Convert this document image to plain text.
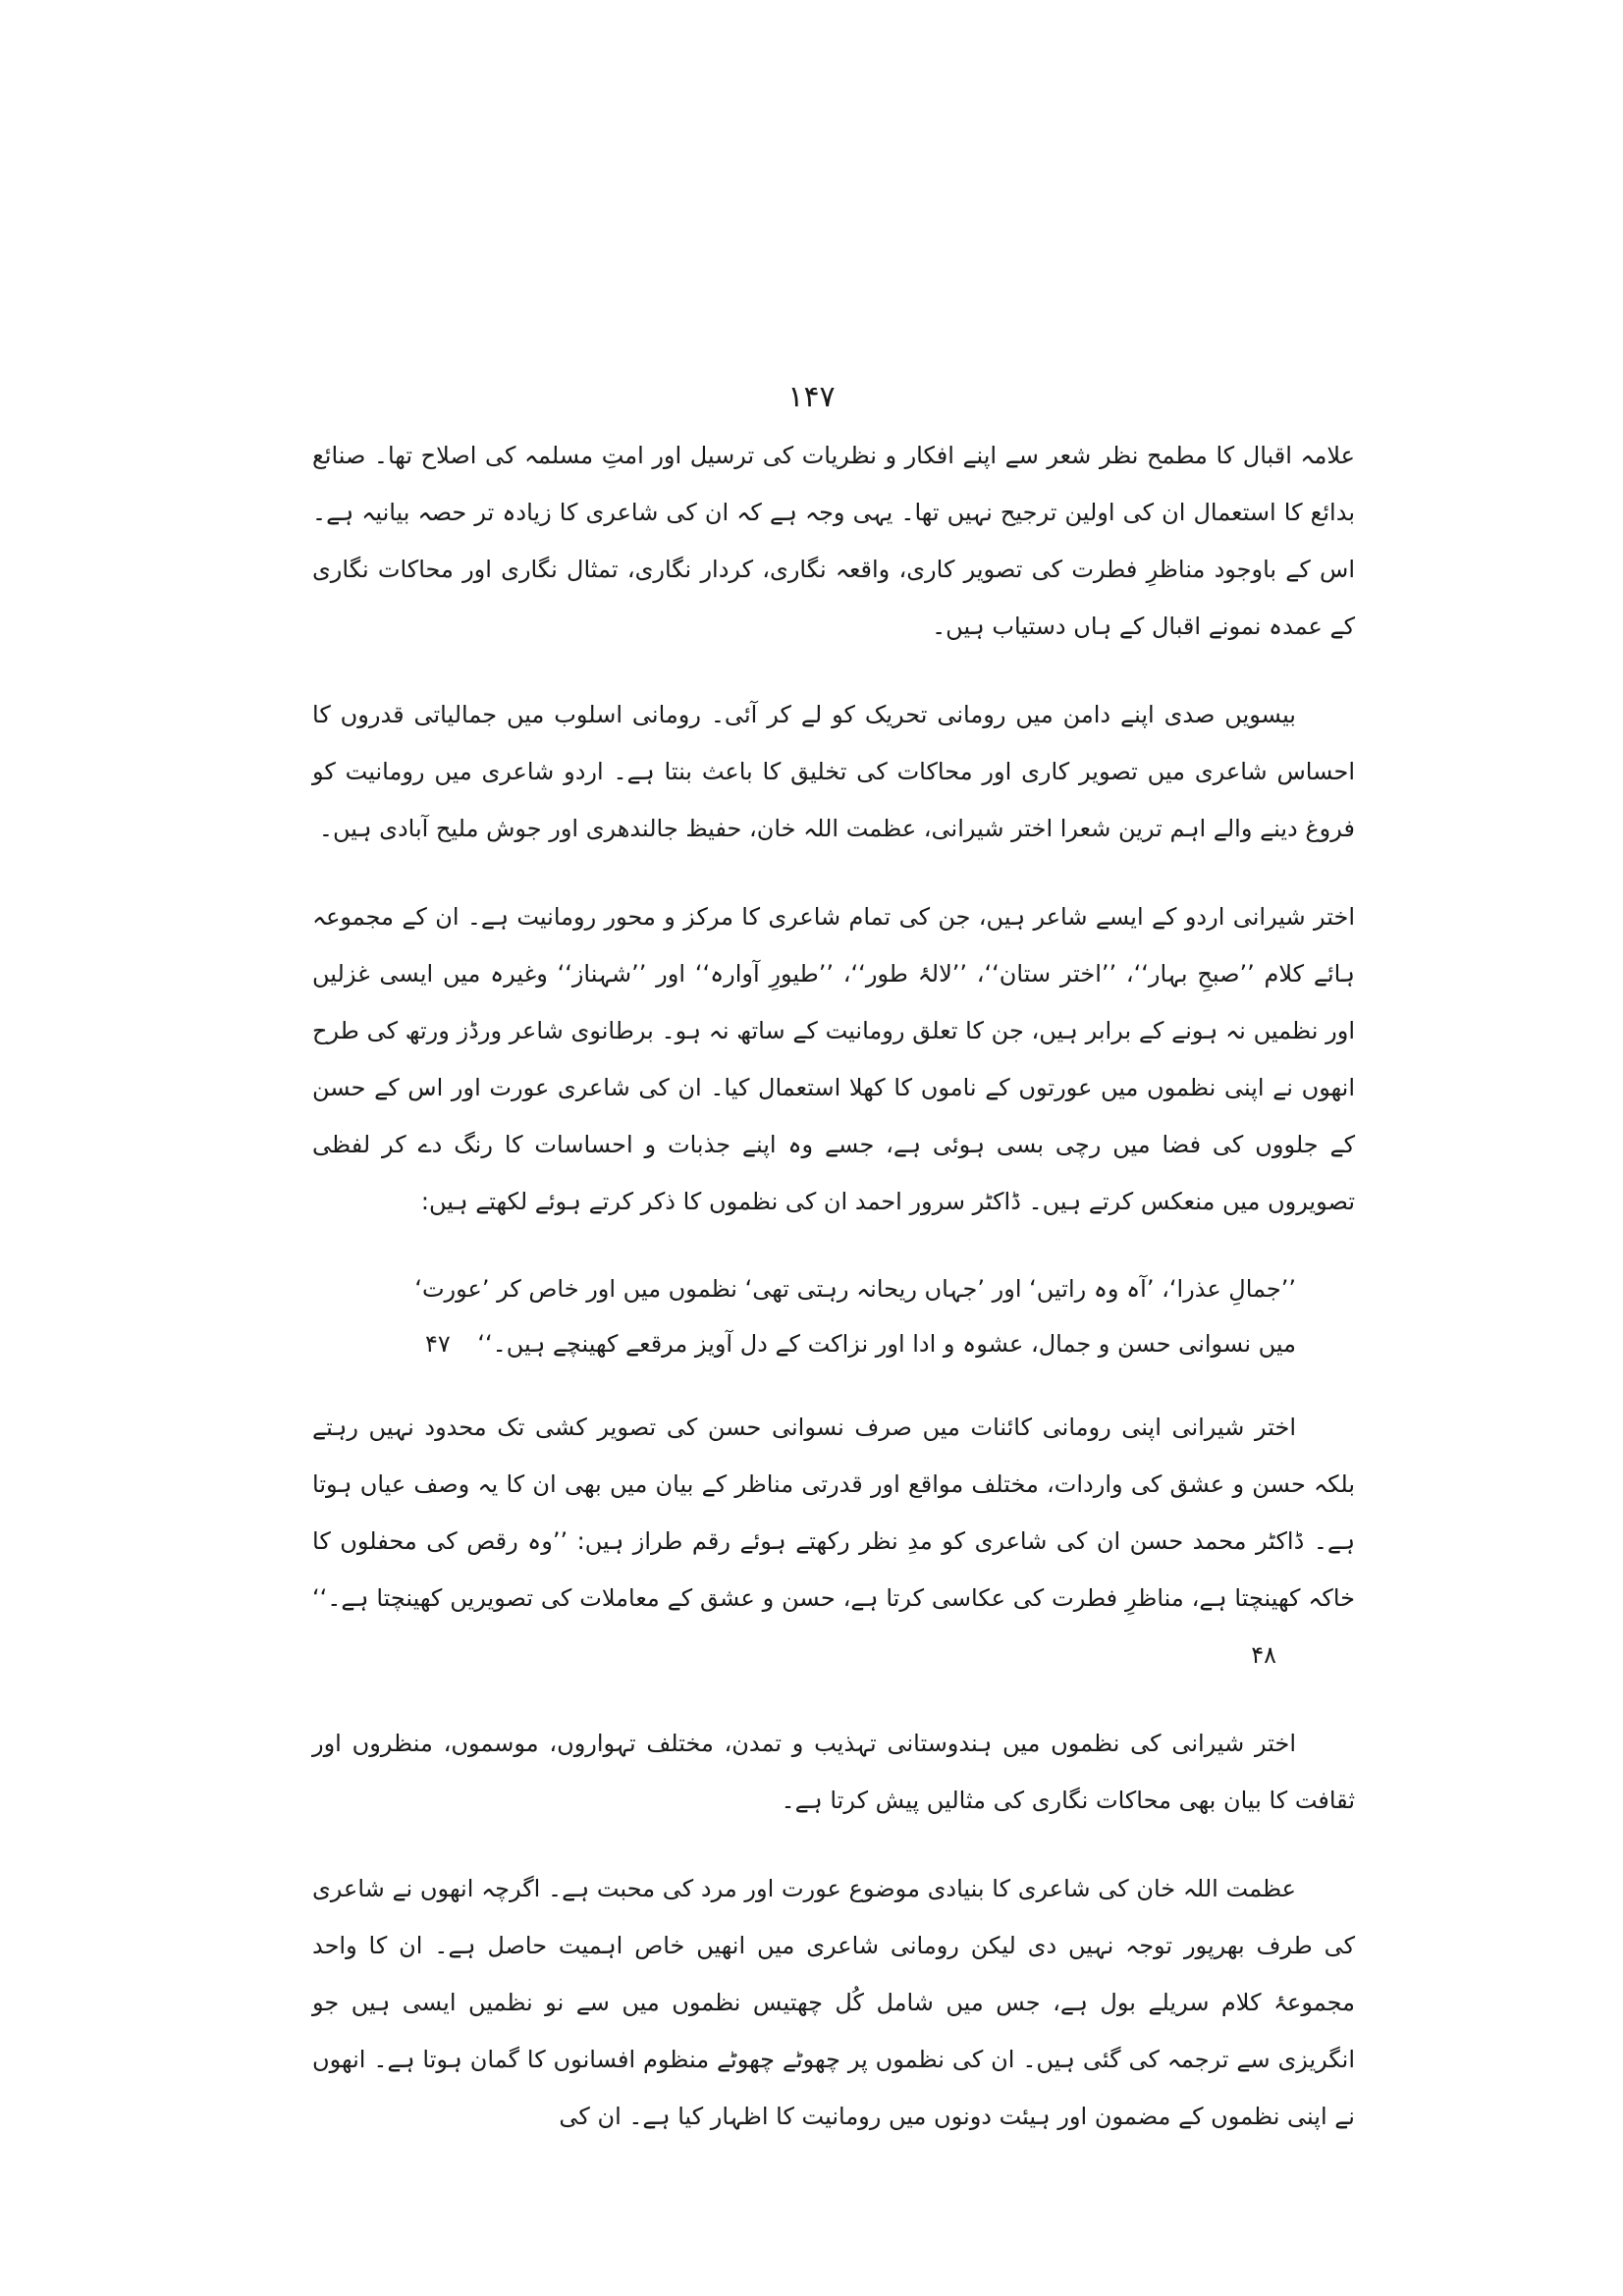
۱۴۷

علامہ اقبال کا مطمح نظر شعر سے اپنے افکار و نظریات کی ترسیل اور امتِ مسلمہ کی اصلاح تھا۔ صنائع بدائع کا استعمال ان کی اولین ترجیح نہیں تھا۔ یہی وجہ ہے کہ ان کی شاعری کا زیادہ تر حصہ بیانیہ ہے۔ اس کے باوجود مناظرِ فطرت کی تصویر کاری، واقعہ نگاری، کردار نگاری، تمثال نگاری اور محاکات نگاری کے عمدہ نمونے اقبال کے ہاں دستیاب ہیں۔

بیسویں صدی اپنے دامن میں رومانی تحریک کو لے کر آئی۔ رومانی اسلوب میں جمالیاتی قدروں کا احساس شاعری میں تصویر کاری اور محاکات کی تخلیق کا باعث بنتا ہے۔ اردو شاعری میں رومانیت کو فروغ دینے والے اہم ترین شعرا اختر شیرانی، عظمت اللہ خان، حفیظ جالندھری اور جوش ملیح آبادی ہیں۔

اختر شیرانی اردو کے ایسے شاعر ہیں، جن کی تمام شاعری کا مرکز و محور رومانیت ہے۔ ان کے مجموعہ ہائے کلام ’’صبحِ بہار‘‘، ’’اختر ستان‘‘، ’’لالۂ طور‘‘، ’’طیورِ آوارہ‘‘ اور ’’شہناز‘‘ وغیرہ میں ایسی غزلیں اور نظمیں نہ ہونے کے برابر ہیں، جن کا تعلق رومانیت کے ساتھ نہ ہو۔ برطانوی شاعر ورڈز ورتھ کی طرح انھوں نے اپنی نظموں میں عورتوں کے ناموں کا کھلا استعمال کیا۔ ان کی شاعری عورت اور اس کے حسن کے جلووں کی فضا میں رچی بسی ہوئی ہے، جسے وہ اپنے جذبات و احساسات کا رنگ دے کر لفظی تصویروں میں منعکس کرتے ہیں۔ ڈاکٹر سرور احمد ان کی نظموں کا ذکر کرتے ہوئے لکھتے ہیں:

’’جمالِ عذرا‘، ’آہ وہ راتیں‘ اور ’جہاں ریحانہ رہتی تھی‘ نظموں میں اور خاص کر ’عورت‘ میں نسوانی حسن و جمال، عشوہ و ادا اور نزاکت کے دل آویز مرقعے کھینچے ہیں۔‘‘ ۴۷

اختر شیرانی اپنی رومانی کائنات میں صرف نسوانی حسن کی تصویر کشی تک محدود نہیں رہتے بلکہ حسن و عشق کی واردات، مختلف مواقع اور قدرتی مناظر کے بیان میں بھی ان کا یہ وصف عیاں ہوتا ہے۔ ڈاکٹر محمد حسن ان کی شاعری کو مدِ نظر رکھتے ہوئے رقم طراز ہیں: ’’وہ رقص کی محفلوں کا خاکہ کھینچتا ہے، مناظرِ فطرت کی عکاسی کرتا ہے، حسن و عشق کے معاملات کی تصویریں کھینچتا ہے۔‘‘ ۴۸

اختر شیرانی کی نظموں میں ہندوستانی تہذیب و تمدن، مختلف تہواروں، موسموں، منظروں اور ثقافت کا بیان بھی محاکات نگاری کی مثالیں پیش کرتا ہے۔

عظمت اللہ خان کی شاعری کا بنیادی موضوع عورت اور مرد کی محبت ہے۔ اگرچہ انھوں نے شاعری کی طرف بھرپور توجہ نہیں دی لیکن رومانی شاعری میں انھیں خاص اہمیت حاصل ہے۔ ان کا واحد مجموعۂ کلام سریلے بول ہے، جس میں شامل کُل چھتیس نظموں میں سے نو نظمیں ایسی ہیں جو انگریزی سے ترجمہ کی گئی ہیں۔ ان کی نظموں پر چھوٹے چھوٹے منظوم افسانوں کا گمان ہوتا ہے۔ انھوں نے اپنی نظموں کے مضمون اور ہیئت دونوں میں رومانیت کا اظہار کیا ہے۔ ان کی
